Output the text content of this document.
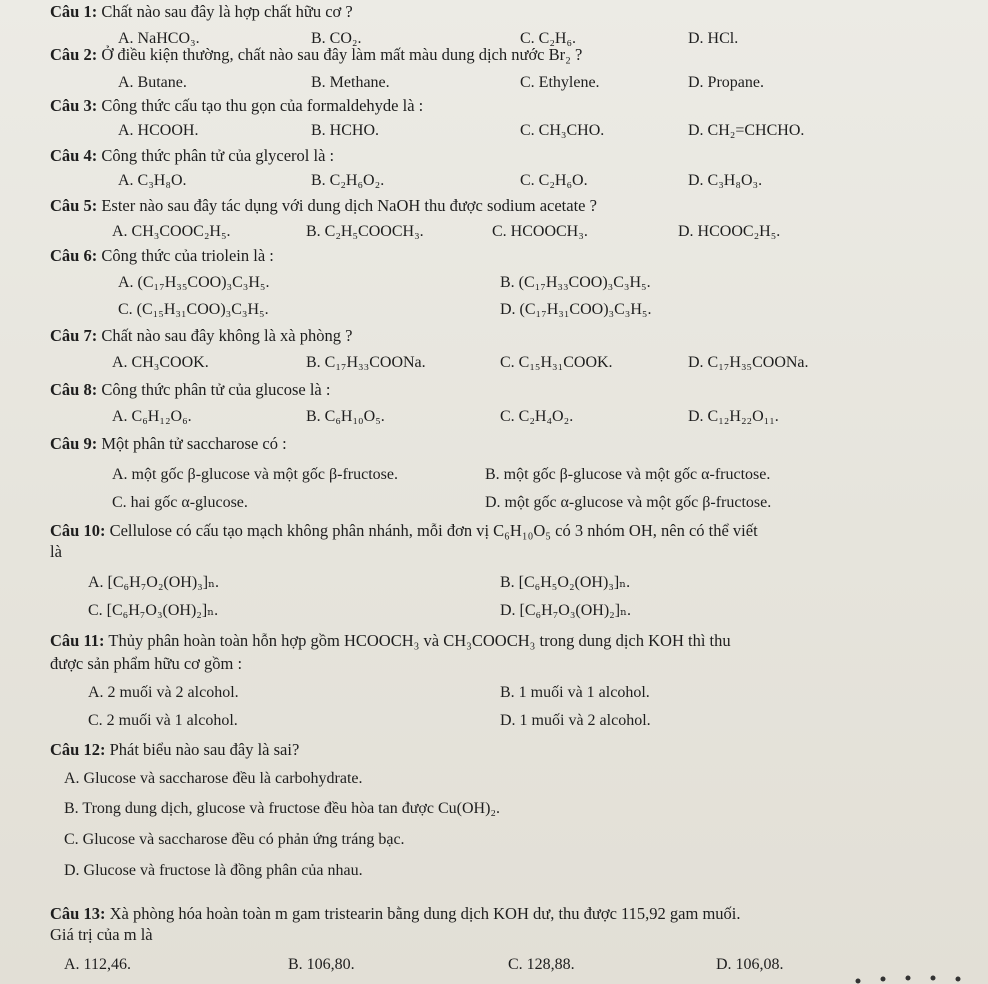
Câu 1: Chất nào sau đây là hợp chất hữu cơ ?
A. NaHCO₃.	B. CO₂.	C. C₂H₆.	D. HCl.
Câu 2: Ở điều kiện thường, chất nào sau đây làm mất màu dung dịch nước Br₂ ?
A. Butane.	B. Methane.	C. Ethylene.	D. Propane.
Câu 3: Công thức cấu tạo thu gọn của formaldehyde là :
A. HCOOH.	B. HCHO.	C. CH₃CHO.	D. CH₂=CHCHO.
Câu 4: Công thức phân tử của glycerol là :
A. C₃H₈O.	B. C₂H₆O₂.	C. C₂H₆O.	D. C₃H₈O₃.
Câu 5: Ester nào sau đây tác dụng với dung dịch NaOH thu được sodium acetate ?
A. CH₃COOC₂H₅.	B. C₂H₅COOCH₃.	C. HCOOCH₃.	D. HCOOC₂H₅.
Câu 6: Công thức của triolein là :
A. (C₁₇H₃₅COO)₃C₃H₅.	B. (C₁₇H₃₃COO)₃C₃H₅.
C. (C₁₅H₃₁COO)₃C₃H₅.	D. (C₁₇H₃₁COO)₃C₃H₅.
Câu 7: Chất nào sau đây không là xà phòng ?
A. CH₃COOK.	B. C₁₇H₃₃COONa.	C. C₁₅H₃₁COOK.	D. C₁₇H₃₅COONa.
Câu 8: Công thức phân tử của glucose là :
A. C₆H₁₂O₆.	B. C₆H₁₀O₅.	C. C₂H₄O₂.	D. C₁₂H₂₂O₁₁.
Câu 9: Một phân tử saccharose có :
A. một gốc β-glucose và một gốc β-fructose.	B. một gốc β-glucose và một gốc α-fructose.
C. hai gốc α-glucose.	D. một gốc α-glucose và một gốc β-fructose.
Câu 10: Cellulose có cấu tạo mạch không phân nhánh, mỗi đơn vị C₆H₁₀O₅ có 3 nhóm OH, nên có thể viết
là
A. [C₆H₇O₂(OH)₃]ₙ.	B. [C₆H₅O₂(OH)₃]ₙ.
C. [C₆H₇O₃(OH)₂]ₙ.	D. [C₆H₇O₃(OH)₂]ₙ.
Câu 11: Thủy phân hoàn toàn hỗn hợp gồm HCOOCH₃ và CH₃COOCH₃ trong dung dịch KOH thì thu
được sản phẩm hữu cơ gồm :
A. 2 muối và 2 alcohol.	B. 1 muối và 1 alcohol.
C. 2 muối và 1 alcohol.	D. 1 muối và 2 alcohol.
Câu 12: Phát biểu nào sau đây là sai?
A. Glucose và saccharose đều là carbohydrate.
B. Trong dung dịch, glucose và fructose đều hòa tan được Cu(OH)₂.
C. Glucose và saccharose đều có phản ứng tráng bạc.
D. Glucose và fructose là đồng phân của nhau.
Câu 13: Xà phòng hóa hoàn toàn m gam tristearin bằng dung dịch KOH dư, thu được 115,92 gam muối.
Giá trị của m là
A. 112,46.	B. 106,80.	C. 128,88.	D. 106,08.
